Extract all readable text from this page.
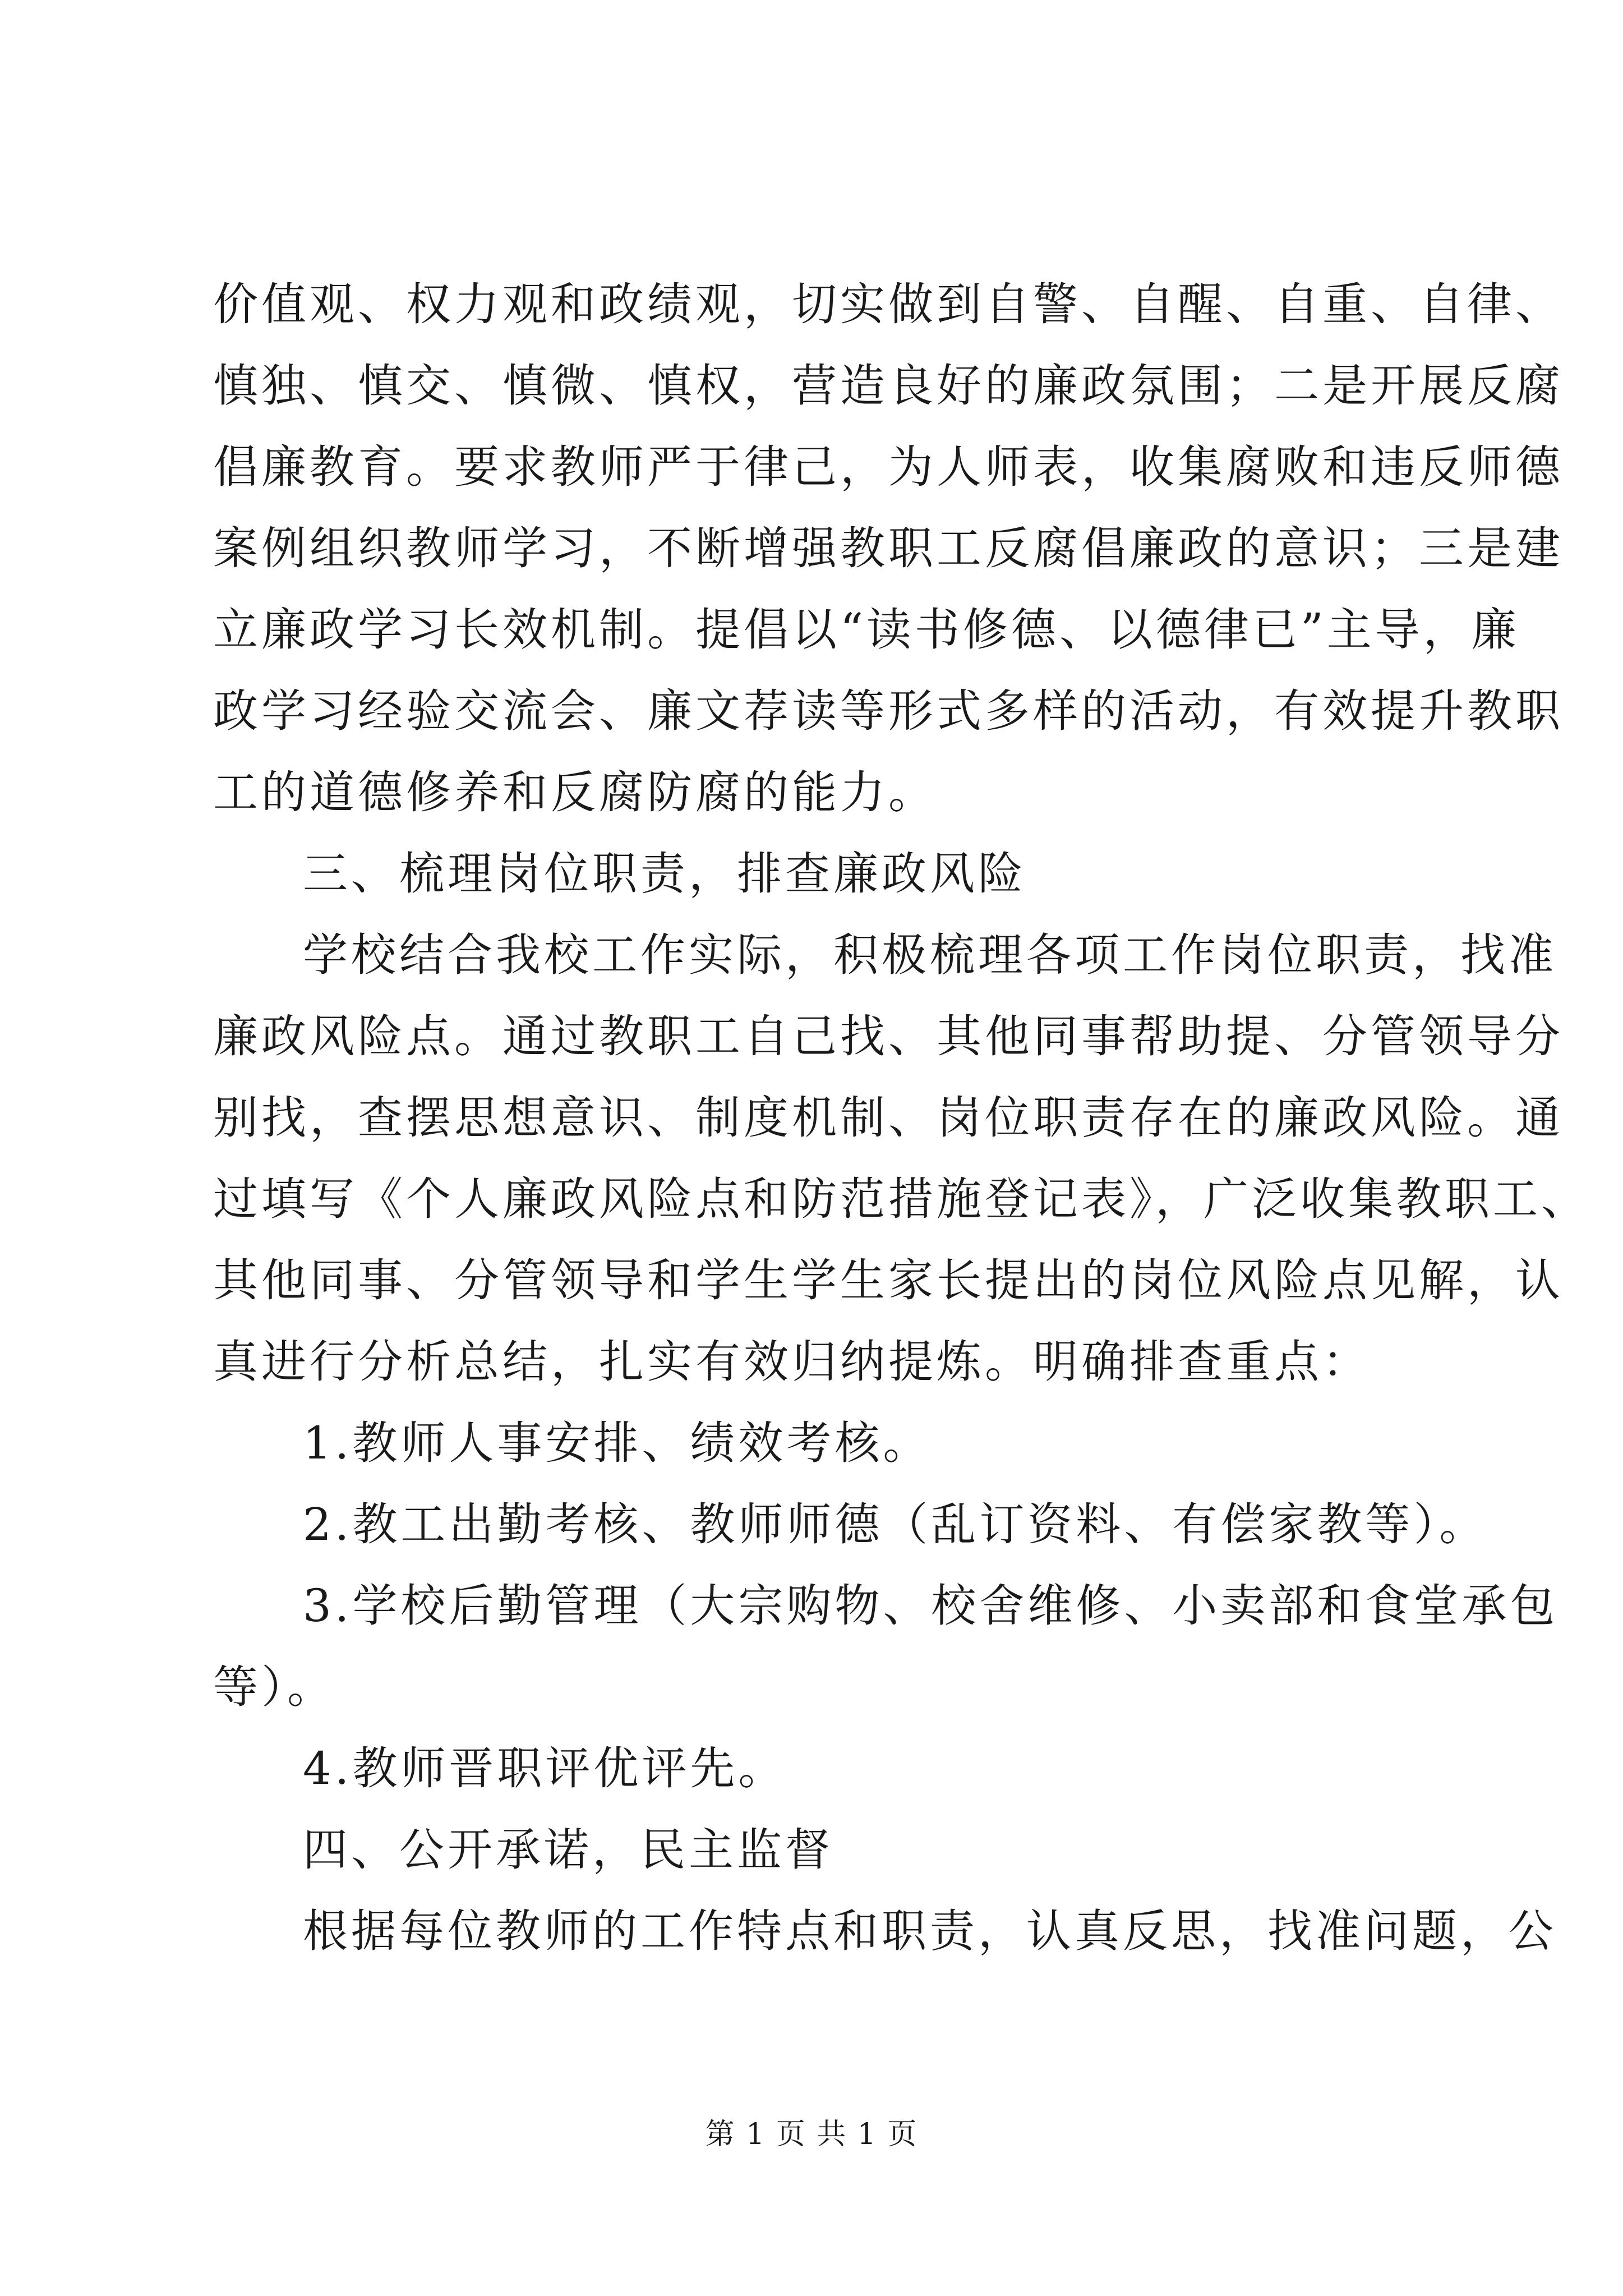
价值观、权力观和政绩观，切实做到自警、自醒、自重、自律、
慎独、慎交、慎微、慎权，营造良好的廉政氛围；二是开展反腐
倡廉教育。要求教师严于律己，为人师表，收集腐败和违反师德
案例组织教师学习，不断增强教职工反腐倡廉政的意识；三是建
立廉政学习长效机制。提倡以“读书修德、以德律已”主导，廉
政学习经验交流会、廉文荐读等形式多样的活动，有效提升教职
工的道德修养和反腐防腐的能力。
三、梳理岗位职责，排查廉政风险
学校结合我校工作实际，积极梳理各项工作岗位职责，找准
廉政风险点。通过教职工自己找、其他同事帮助提、分管领导分
别找，查摆思想意识、制度机制、岗位职责存在的廉政风险。通
过填写《个人廉政风险点和防范措施登记表》，广泛收集教职工、
其他同事、分管领导和学生学生家长提出的岗位风险点见解，认
真进行分析总结，扎实有效归纳提炼。明确排查重点：
1.教师人事安排、绩效考核。
2.教工出勤考核、教师师德（乱订资料、有偿家教等）。
3.学校后勤管理（大宗购物、校舍维修、小卖部和食堂承包
等）。
4.教师晋职评优评先。
四、公开承诺，民主监督
根据每位教师的工作特点和职责，认真反思，找准问题，公
第 1 页 共 1 页
